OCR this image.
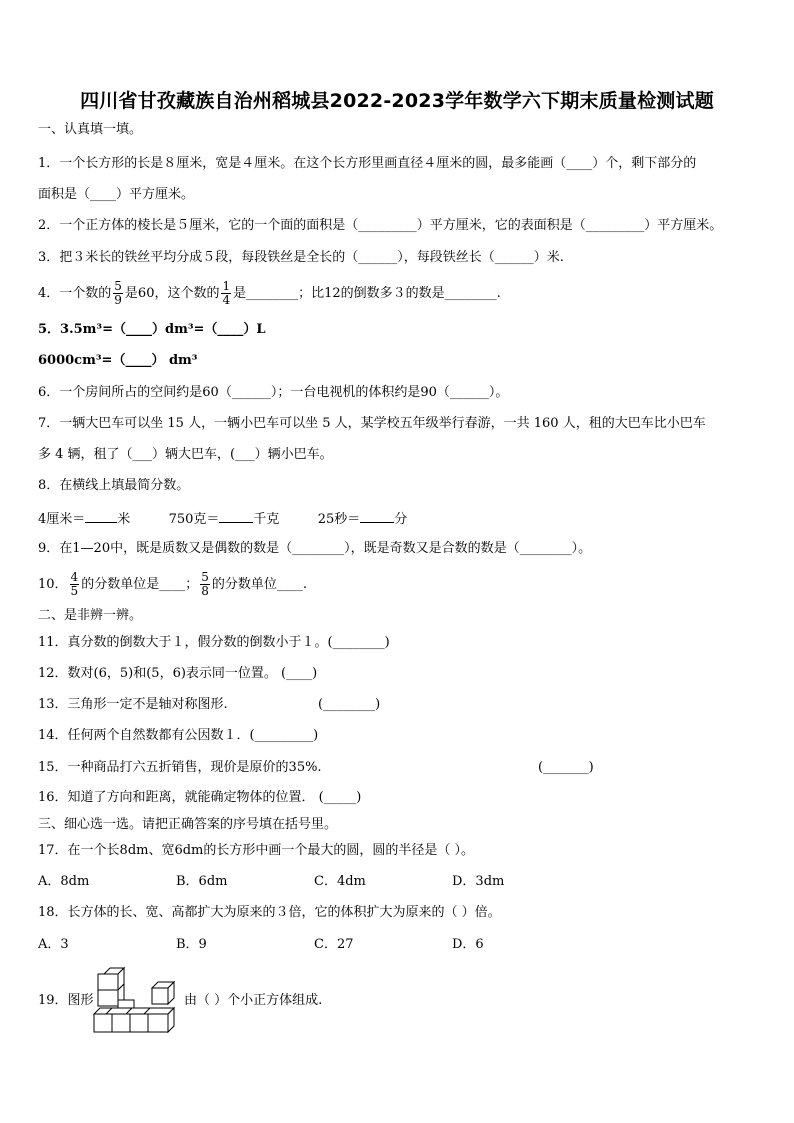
四川省甘孜藏族自治州稻城县2022-2023学年数学六下期末质量检测试题
一、认真填一填。
1．一个长方形的长是８厘米，宽是４厘米。在这个长方形里画直径４厘米的圆，最多能画（____）个，剩下部分的
面积是（____）平方厘米。
2．一个正方体的棱长是５厘米，它的一个面的面积是（_________）平方厘米，它的表面积是（_________）平方厘米。
3．把３米长的铁丝平均分成５段，每段铁丝是全长的（______），每段铁丝长（______）米.
4．一个数的 $\frac{5}{9}$ 是60，这个数的 $\frac{1}{4}$ 是________；比12的倒数多３的数是________.
5．3.5m³=（____）dm³=（____）L
6000cm³=（____） dm³
6．一个房间所占的空间约是60（______）；一台电视机的体积约是90（______）。
7．一辆大巴车可以坐 15 人，一辆小巴车可以坐 5 人，某学校五年级举行春游，一共 160 人，租的大巴车比小巴车
多 4 辆，租了（___）辆大巴车，(___）辆小巴车。
8．在横线上填最简分数。
4厘米＝ 米	750克＝	千克	25秒＝	分
9．在1—20中，既是质数又是偶数的数是（________），既是奇数又是合数的数是（________）。
10． $\frac{4}{5}$ 的分数单位是____； $\frac{5}{8}$ 的分数单位____.
二、是非辨一辨。
11．真分数的倒数大于１，假分数的倒数小于１。(________)
12．数对(6，5)和(5，6)表示同一位置。 (____)
13．三角形一定不是轴对称图形.	(________)
14．任何两个自然数都有公因数１．(_________)
15．一种商品打六五折销售，现价是原价的35%.	(_______)
16．知道了方向和距离，就能确定物体的位置． (_____)
三、细心选一选。请把正确答案的序号填在括号里。
17．在一个长8dm、宽6dm的长方形中画一个最大的圆，圆的半径是（ ）。
A．8dm	B．6dm	C．4dm	D．3dm
18．长方体的长、宽、高都扩大为原来的３倍，它的体积扩大为原来的（ ）倍。
A．3	B．9	C．27	D．6
19．图形	由（ ）个小正方体组成.
